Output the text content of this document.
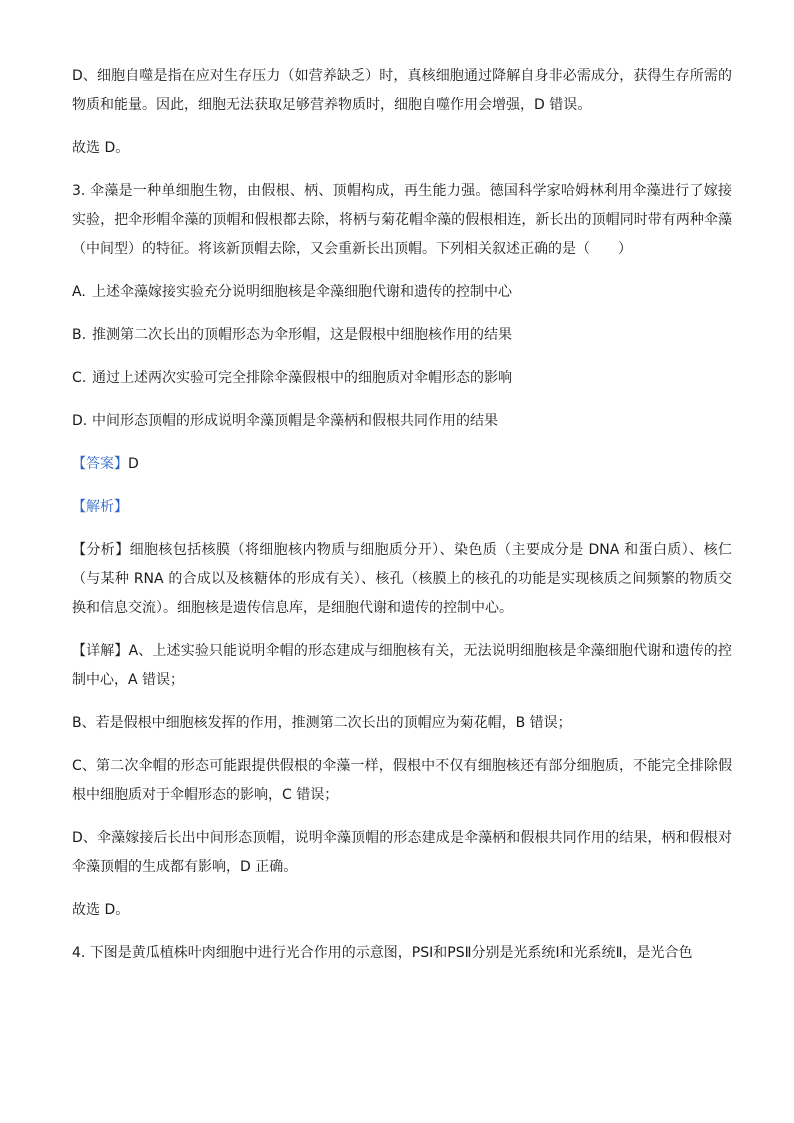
D、细胞自噬是指在应对生存压力（如营养缺乏）时，真核细胞通过降解自身非必需成分，获得生存所需的物质和能量。因此，细胞无法获取足够营养物质时，细胞自噬作用会增强，D 错误。

故选 D。

3. 伞藻是一种单细胞生物，由假根、柄、顶帽构成，再生能力强。德国科学家哈姆林利用伞藻进行了嫁接实验，把伞形帽伞藻的顶帽和假根都去除，将柄与菊花帽伞藻的假根相连，新长出的顶帽同时带有两种伞藻（中间型）的特征。将该新顶帽去除，又会重新长出顶帽。下列相关叙述正确的是（　　）

A. 上述伞藻嫁接实验充分说明细胞核是伞藻细胞代谢和遗传的控制中心

B. 推测第二次长出的顶帽形态为伞形帽，这是假根中细胞核作用的结果

C. 通过上述两次实验可完全排除伞藻假根中的细胞质对伞帽形态的影响

D. 中间形态顶帽的形成说明伞藻顶帽是伞藻柄和假根共同作用的结果

【答案】D

【解析】

【分析】细胞核包括核膜（将细胞核内物质与细胞质分开）、染色质（主要成分是 DNA 和蛋白质）、核仁（与某种 RNA 的合成以及核糖体的形成有关）、核孔（核膜上的核孔的功能是实现核质之间频繁的物质交换和信息交流）。细胞核是遗传信息库，是细胞代谢和遗传的控制中心。

【详解】A、上述实验只能说明伞帽的形态建成与细胞核有关，无法说明细胞核是伞藻细胞代谢和遗传的控制中心，A 错误；

B、若是假根中细胞核发挥的作用，推测第二次长出的顶帽应为菊花帽，B 错误；

C、第二次伞帽的形态可能跟提供假根的伞藻一样，假根中不仅有细胞核还有部分细胞质，不能完全排除假根中细胞质对于伞帽形态的影响，C 错误；

D、伞藻嫁接后长出中间形态顶帽，说明伞藻顶帽的形态建成是伞藻柄和假根共同作用的结果，柄和假根对伞藻顶帽的生成都有影响，D 正确。

故选 D。

4. 下图是黄瓜植株叶肉细胞中进行光合作用的示意图，PSⅠ和PSⅡ分别是光系统Ⅰ和光系统Ⅱ，是光合色
